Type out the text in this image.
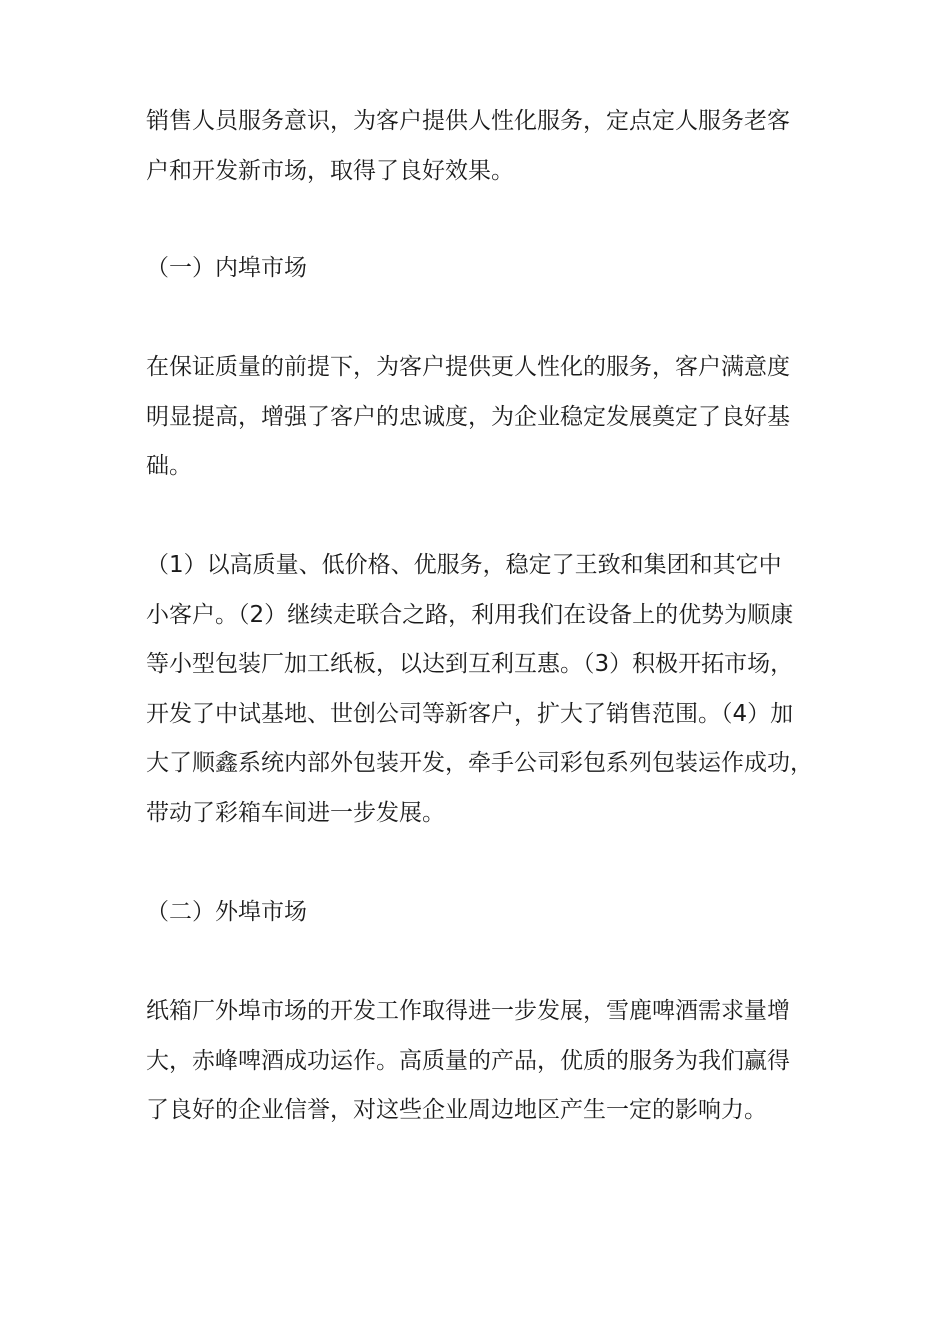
销售人员服务意识，为客户提供人性化服务，定点定人服务老客
户和开发新市场，取得了良好效果。
（一）内埠市场
在保证质量的前提下，为客户提供更人性化的服务，客户满意度
明显提高，增强了客户的忠诚度，为企业稳定发展奠定了良好基
础。
（1）以高质量、低价格、优服务，稳定了王致和集团和其它中
小客户。（2）继续走联合之路，利用我们在设备上的优势为顺康
等小型包装厂加工纸板，以达到互利互惠。（3）积极开拓市场，
开发了中试基地、世创公司等新客户，扩大了销售范围。（4）加
大了顺鑫系统内部外包装开发，牵手公司彩包系列包装运作成功，
带动了彩箱车间进一步发展。
（二）外埠市场
纸箱厂外埠市场的开发工作取得进一步发展，雪鹿啤酒需求量增
大，赤峰啤酒成功运作。高质量的产品，优质的服务为我们赢得
了良好的企业信誉，对这些企业周边地区产生一定的影响力。
